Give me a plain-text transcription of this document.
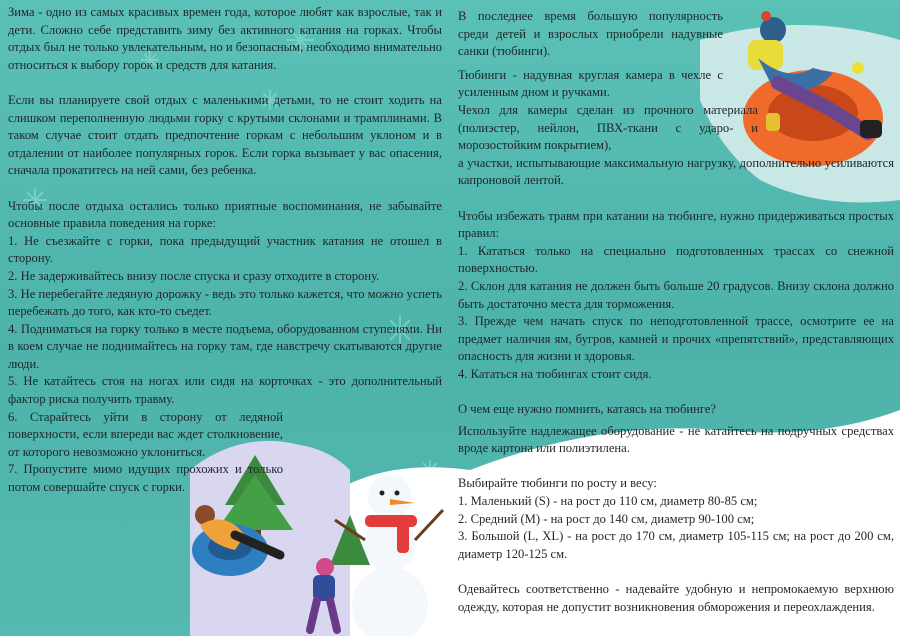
Зима - одно из самых красивых времен года, которое любят как взрослые, так и дети. Сложно себе представить зиму без активного катания на горках. Чтобы отдых был не только увлекательным, но и безопасным, необходимо внимательно относиться к выбору горок и средств для катания.

Если вы планируете свой отдых с маленькими детьми, то не стоит ходить на слишком переполненную людьми горку с крутыми склонами и трамплинами. В таком случае стоит отдать предпочтение горкам с небольшим уклоном и в отдалении от наиболее популярных горок. Если горка вызывает у вас опасения, сначала прокатитесь на ней сами, без ребенка.

Чтобы после отдыха остались только приятные воспоминания, не забывайте основные правила поведения на горке:

1. Не съезжайте с горки, пока предыдущий участник катания не отошел в сторону.

2. Не задерживайтесь внизу после спуска и сразу отходите в сторону.

3. Не перебегайте ледяную дорожку - ведь это только кажется, что можно успеть перебежать до того, как кто-то съедет.

4. Подниматься на горку только в месте подъема, оборудованном ступенями. Ни в коем случае не поднимайтесь на горку там, где навстречу скатываются другие люди.

5. Не катайтесь стоя на ногах или сидя на корточках - это дополнительный фактор риска получить травму.

6. Старайтесь уйти в сторону от ледяной поверхности, если впереди вас ждет столкновение, от которого невозможно уклониться.

7. Пропустите мимо идущих прохожих и только потом совершайте спуск с горки.

В последнее время большую популярность среди детей и взрослых приобрели надувные санки (тюбинги).

Тюбинги - надувная круглая камера в чехле с усиленным дном и ручками.

Чехол для камеры сделан из прочного материала (полиэстер, нейлон, ПВХ-ткани с ударо- и морозостойким покрытием),

а участки, испытывающие максимальную нагрузку, дополнительно усиливаются капроновой лентой.

Чтобы избежать травм при катании на тюбинге, нужно придерживаться простых правил:

1. Кататься только на специально подготовленных трассах со снежной поверхностью.

2. Склон для катания не должен быть больше 20 градусов. Внизу склона должно быть достаточно места для торможения.

3. Прежде чем начать спуск по неподготовленной трассе, осмотрите ее на предмет наличия ям, бугров, камней и прочих «препятствий», представляющих опасность для жизни и здоровья.

4. Кататься на тюбингах стоит сидя.

О чем еще нужно помнить, катаясь на тюбинге?

Используйте надлежащее оборудование - не катайтесь на подручных средствах вроде картона или полиэтилена.

Выбирайте тюбинги по росту и весу:

1. Маленький (S) - на рост до 110 см, диаметр 80-85 см;

2. Средний (M) - на рост до 140 см, диаметр 90-100 см;

3. Большой (L, XL) - на рост до 170 см, диаметр 105-115 см; на рост до 200 см, диаметр 120-125 см.

Одевайтесь соответственно - надевайте удобную и непромокаемую верхнюю одежду, которая не допустит возникновения обморожения и переохлаждения.
